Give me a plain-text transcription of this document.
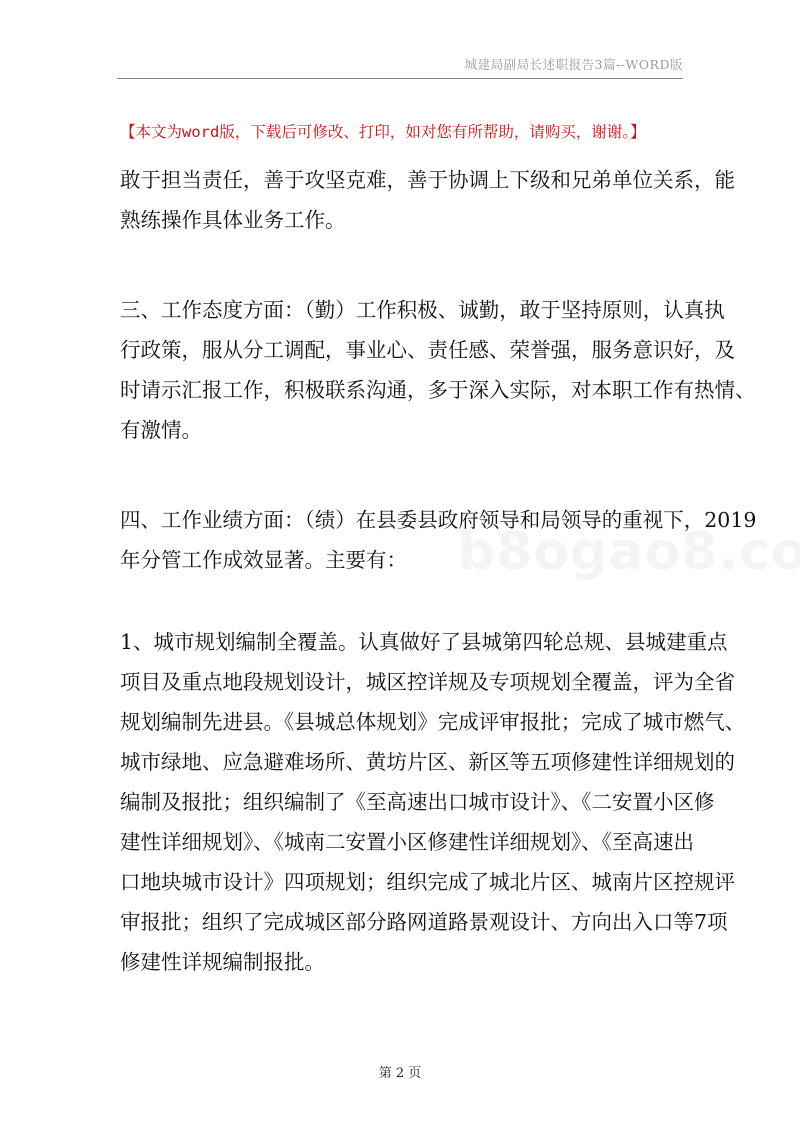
城建局副局长述职报告3篇--WORD版
【本文为word版，下载后可修改、打印，如对您有所帮助，请购买，谢谢。】
敢于担当责任，善于攻坚克难，善于协调上下级和兄弟单位关系，能
熟练操作具体业务工作。
三、工作态度方面：（勤）工作积极、诚勤，敢于坚持原则，认真执
行政策，服从分工调配，事业心、责任感、荣誉强，服务意识好，及
时请示汇报工作，积极联系沟通，多于深入实际，对本职工作有热情、
有激情。
四、工作业绩方面：（绩）在县委县政府领导和局领导的重视下，2019
年分管工作成效显著。主要有：
1、城市规划编制全覆盖。认真做好了县城第四轮总规、县城建重点
项目及重点地段规划设计，城区控详规及专项规划全覆盖，评为全省
规划编制先进县。《县城总体规划》完成评审报批；完成了城市燃气、
城市绿地、应急避难场所、黄坊片区、新区等五项修建性详细规划的
编制及报批；组织编制了《至高速出口城市设计》、《二安置小区修
建性详细规划》、《城南二安置小区修建性详细规划》、《至高速出
口地块城市设计》四项规划；组织完成了城北片区、城南片区控规评
审报批；组织了完成城区部分路网道路景观设计、方向出入口等7项
修建性详规编制报批。
第 2 页
